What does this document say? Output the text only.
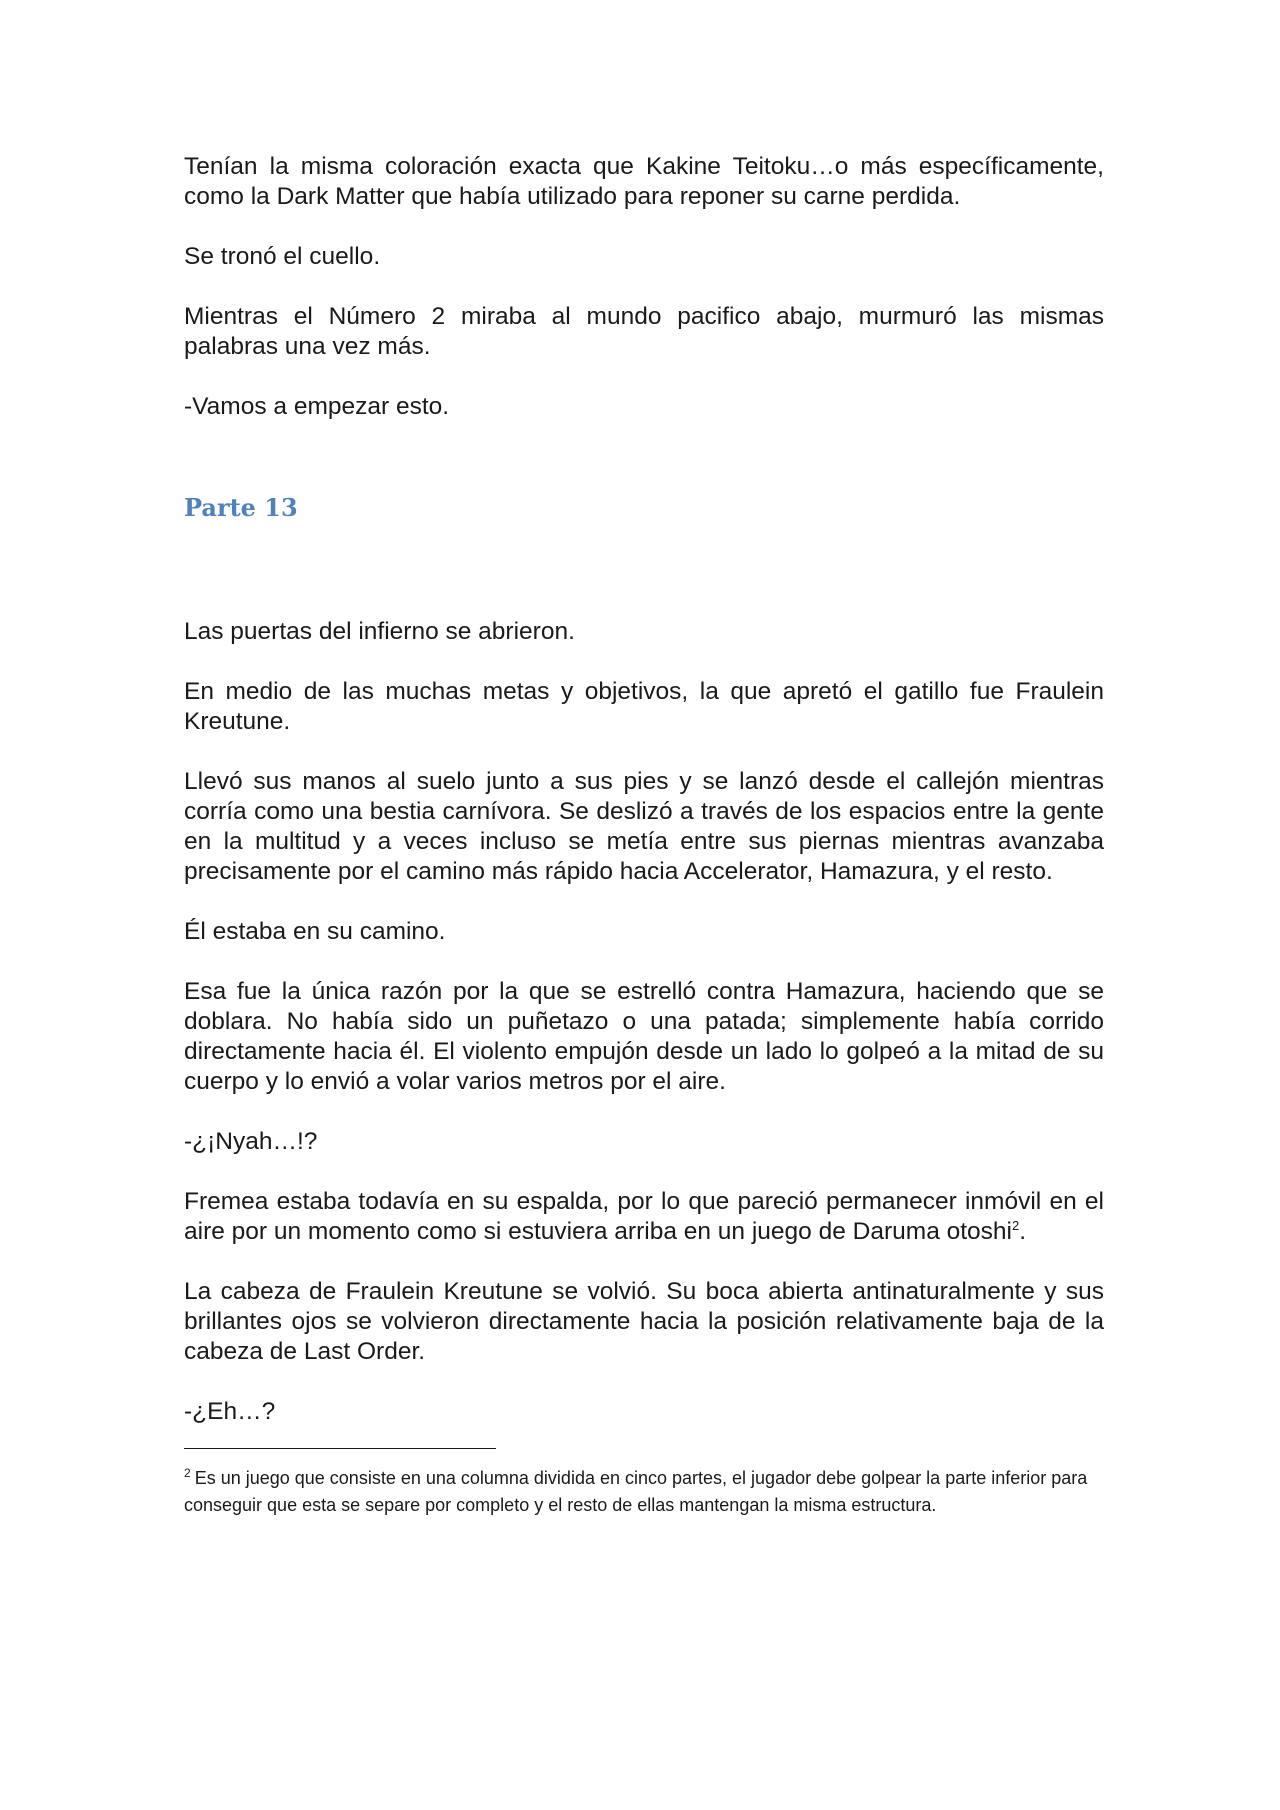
Tenían la misma coloración exacta que Kakine Teitoku…o más específicamente, como la Dark Matter que había utilizado para reponer su carne perdida.

Se tronó el cuello.

Mientras el Número 2 miraba al mundo pacifico abajo, murmuró las mismas palabras una vez más.

-Vamos a empezar esto.

Parte 13

Las puertas del infierno se abrieron.

En medio de las muchas metas y objetivos, la que apretó el gatillo fue Fraulein Kreutune.

Llevó sus manos al suelo junto a sus pies y se lanzó desde el callejón mientras corría como una bestia carnívora. Se deslizó a través de los espacios entre la gente en la multitud y a veces incluso se metía entre sus piernas mientras avanzaba precisamente por el camino más rápido hacia Accelerator, Hamazura, y el resto.

Él estaba en su camino.

Esa fue la única razón por la que se estrelló contra Hamazura, haciendo que se doblara. No había sido un puñetazo o una patada; simplemente había corrido directamente hacia él. El violento empujón desde un lado lo golpeó a la mitad de su cuerpo y lo envió a volar varios metros por el aire.

-¿¡Nyah…!?

Fremea estaba todavía en su espalda, por lo que pareció permanecer inmóvil en el aire por un momento como si estuviera arriba en un juego de Daruma otoshi$^2$.

La cabeza de Fraulein Kreutune se volvió. Su boca abierta antinaturalmente y sus brillantes ojos se volvieron directamente hacia la posición relativamente baja de la cabeza de Last Order.

-¿Eh…?

$^2$ Es un juego que consiste en una columna dividida en cinco partes, el jugador debe golpear la parte inferior para conseguir que esta se separe por completo y el resto de ellas mantengan la misma estructura.
